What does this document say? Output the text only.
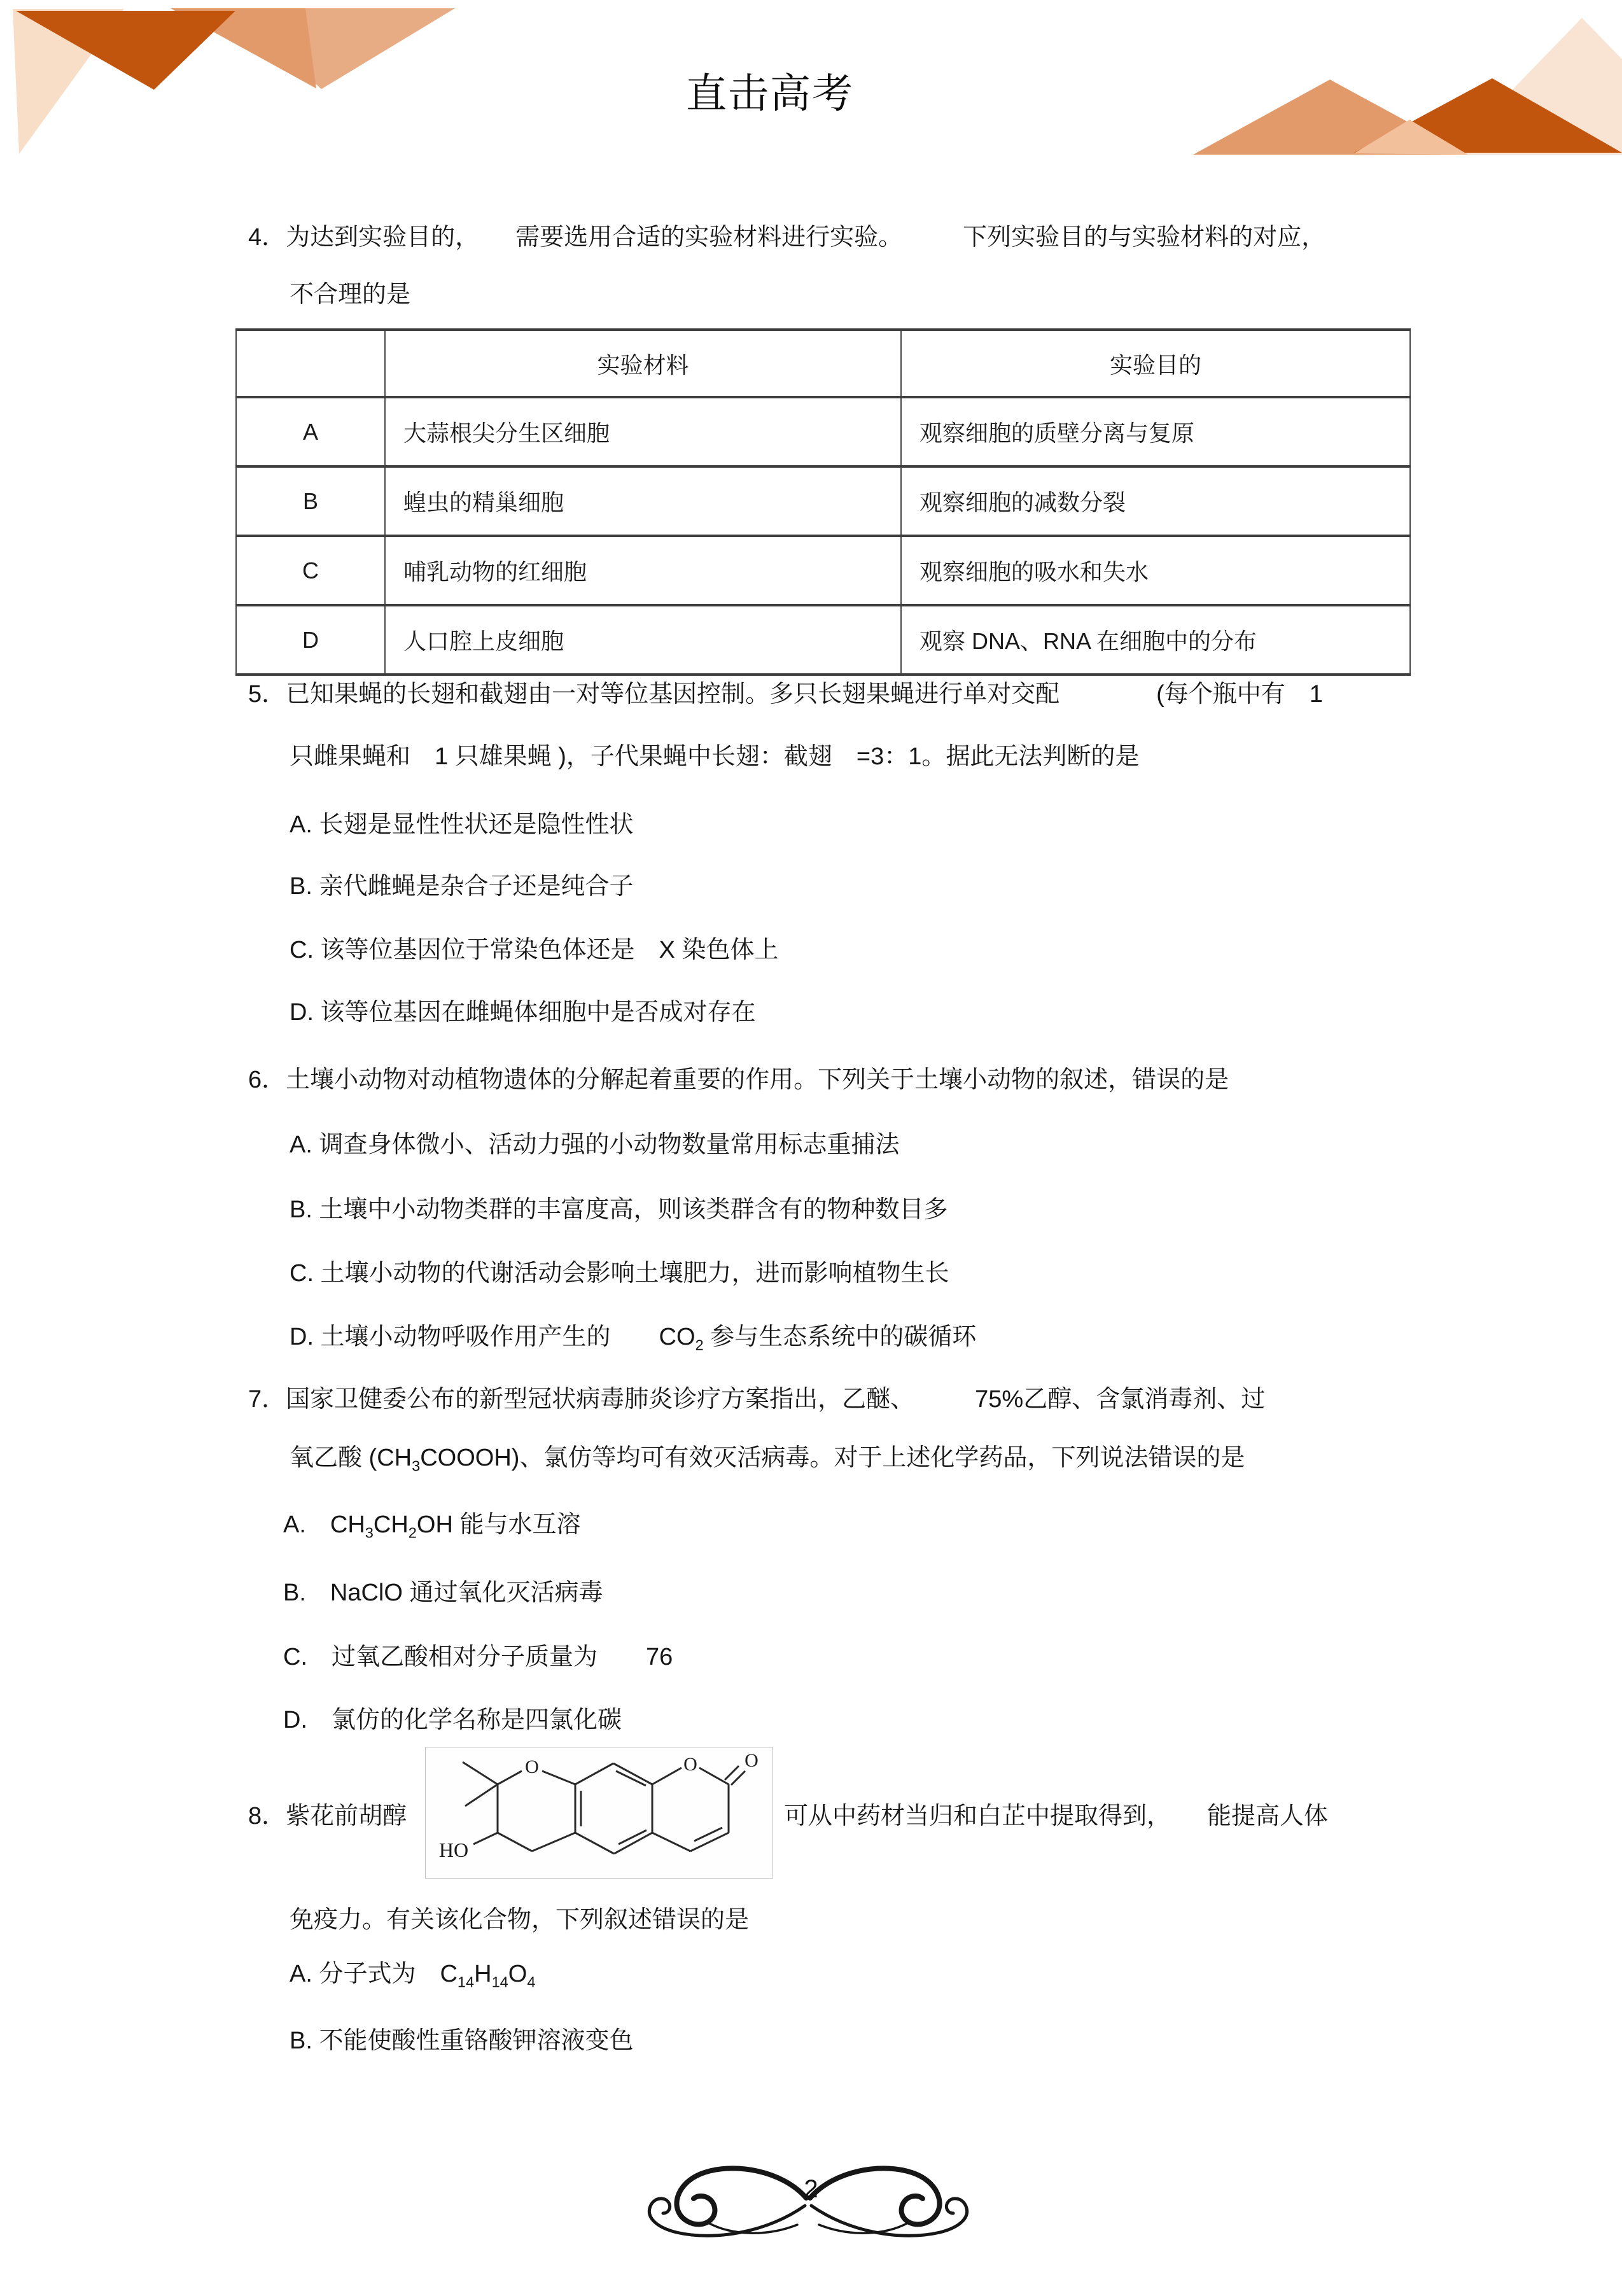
直击高考
4．为达到实验目的，　　需要选用合适的实验材料进行实验。　　　下列实验目的与实验材料的对应，
不合理的是
	实验材料	实验目的
A	大蒜根尖分生区细胞	观察细胞的质壁分离与复原
B	蝗虫的精巢细胞	观察细胞的减数分裂
C	哺乳动物的红细胞	观察细胞的吸水和失水
D	人口腔上皮细胞	观察 DNA、RNA 在细胞中的分布
5．已知果蝇的长翅和截翅由一对等位基因控制。多只长翅果蝇进行单对交配　　　　(每个瓶中有　1
只雌果蝇和　1 只雄果蝇 )，子代果蝇中长翅：截翅　=3：1。据此无法判断的是
A. 长翅是显性性状还是隐性性状
B. 亲代雌蝇是杂合子还是纯合子
C. 该等位基因位于常染色体还是　X 染色体上
D. 该等位基因在雌蝇体细胞中是否成对存在
6．土壤小动物对动植物遗体的分解起着重要的作用。下列关于土壤小动物的叙述，错误的是
A. 调查身体微小、活动力强的小动物数量常用标志重捕法
B. 土壤中小动物类群的丰富度高，则该类群含有的物种数目多
C. 土壤小动物的代谢活动会影响土壤肥力，进而影响植物生长
D. 土壤小动物呼吸作用产生的　　$CO_2$ 参与生态系统中的碳循环
7．国家卫健委公布的新型冠状病毒肺炎诊疗方案指出，乙醚、　　　75%乙醇、含氯消毒剂、过
氧乙酸 $(CH_3COOOH)$、氯仿等均可有效灭活病毒。对于上述化学药品，下列说法错误的是
A.　$CH_3CH_2OH$ 能与水互溶
B.　NaClO 通过氧化灭活病毒
C.　过氧乙酸相对分子质量为　　76
D.　氯仿的化学名称是四氯化碳
8．紫花前胡醇
O	O O
HO
可从中药材当归和白芷中提取得到，　　能提高人体
免疫力。有关该化合物，下列叙述错误的是
A. 分子式为　$C_{14}H_{14}O_4$
B. 不能使酸性重铬酸钾溶液变色
2
